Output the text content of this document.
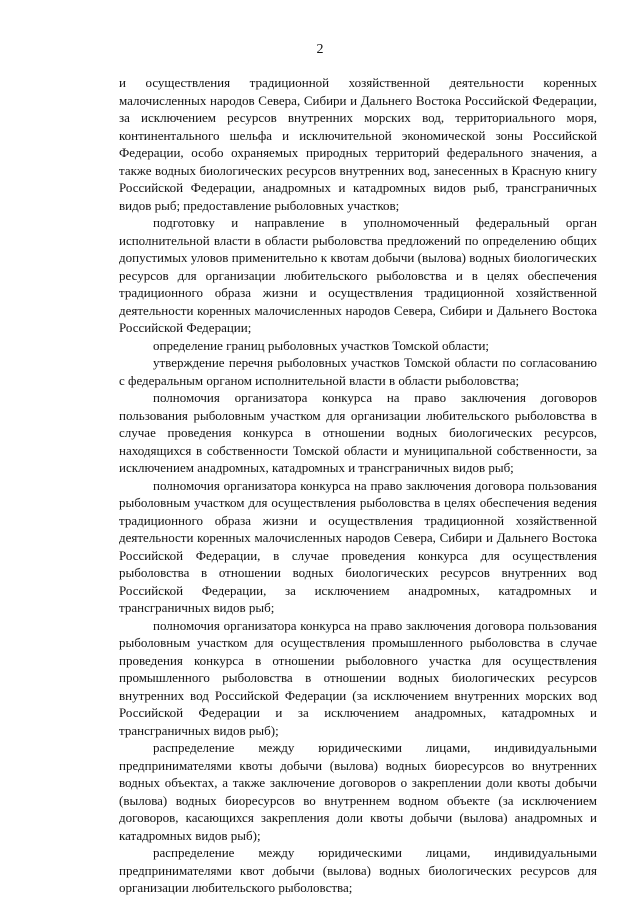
2

и осуществления традиционной хозяйственной деятельности коренных малочисленных народов Севера, Сибири и Дальнего Востока Российской Федерации, за исключением ресурсов внутренних морских вод, территориального моря, континентального шельфа и исключительной экономической зоны Российской Федерации, особо охраняемых природных территорий федерального значения, а также водных биологических ресурсов внутренних вод, занесенных в Красную книгу Российской Федерации, анадромных и катадромных видов рыб, трансграничных видов рыб; предоставление рыболовных участков;

подготовку и направление в уполномоченный федеральный орган исполнительной власти в области рыболовства предложений по определению общих допустимых уловов применительно к квотам добычи (вылова) водных биологических ресурсов для организации любительского рыболовства и в целях обеспечения традиционного образа жизни и осуществления традиционной хозяйственной деятельности коренных малочисленных народов Севера, Сибири и Дальнего Востока Российской Федерации;

определение границ рыболовных участков Томской области;

утверждение перечня рыболовных участков Томской области по согласованию с федеральным органом исполнительной власти в области рыболовства;

полномочия организатора конкурса на право заключения договоров пользования рыболовным участком для организации любительского рыболовства в случае проведения конкурса в отношении водных биологических ресурсов, находящихся в собственности Томской области и муниципальной собственности, за исключением анадромных, катадромных и трансграничных видов рыб;

полномочия организатора конкурса на право заключения договора пользования рыболовным участком для осуществления рыболовства в целях обеспечения ведения традиционного образа жизни и осуществления традиционной хозяйственной деятельности коренных малочисленных народов Севера, Сибири и Дальнего Востока Российской Федерации, в случае проведения конкурса для осуществления рыболовства в отношении водных биологических ресурсов внутренних вод Российской Федерации, за исключением анадромных, катадромных и трансграничных видов рыб;

полномочия организатора конкурса на право заключения договора пользования рыболовным участком для осуществления промышленного рыболовства в случае проведения конкурса в отношении рыболовного участка для осуществления промышленного рыболовства в отношении водных биологических ресурсов внутренних вод Российской Федерации (за исключением внутренних морских вод Российской Федерации и за исключением анадромных, катадромных и трансграничных видов рыб);

распределение между юридическими лицами, индивидуальными предпринимателями квоты добычи (вылова) водных биоресурсов во внутренних водных объектах, а также заключение договоров о закреплении доли квоты добычи (вылова) водных биоресурсов во внутреннем водном объекте (за исключением договоров, касающихся закрепления доли квоты добычи (вылова) анадромных и катадромных видов рыб);

распределение между юридическими лицами, индивидуальными предпринимателями квот добычи (вылова) водных биологических ресурсов для организации любительского рыболовства;
